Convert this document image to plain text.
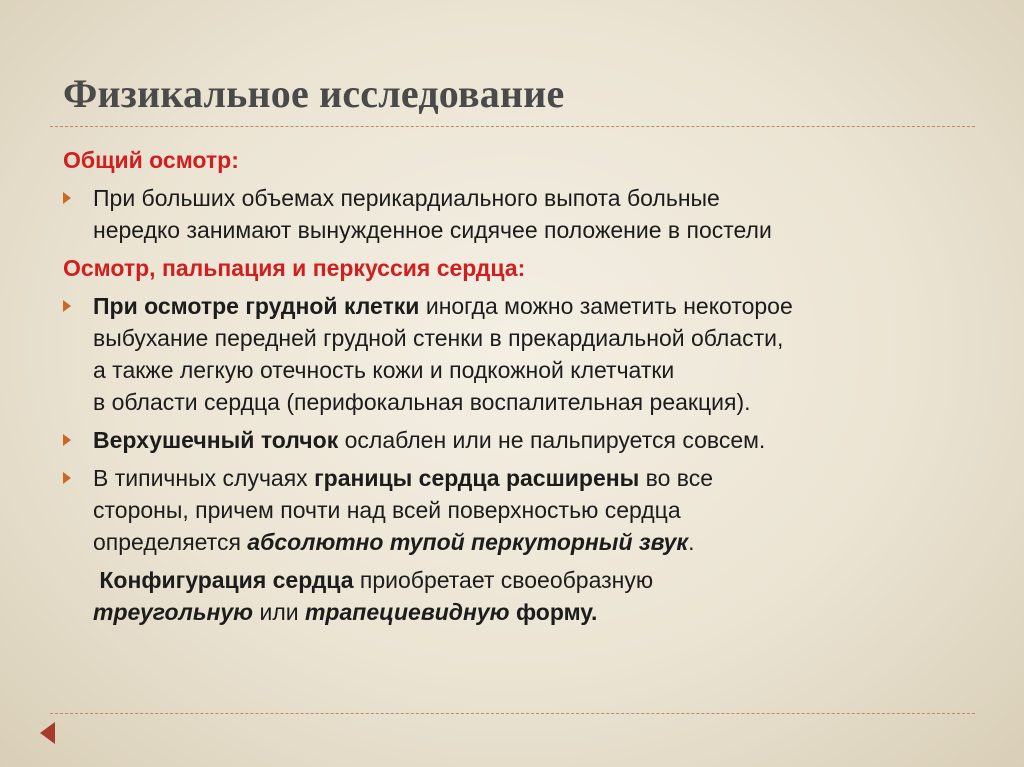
Физикальное исследование
Общий осмотр:
При больших объемах перикардиального выпота больные
нередко занимают вынужденное сидячее положение в постели
Осмотр, пальпация и перкуссия сердца:
При осмотре грудной клетки иногда можно заметить некоторое
выбухание передней грудной стенки в прекардиальной области,
а также легкую отечность кожи и подкожной клетчатки
в области сердца (перифокальная воспалительная реакция).
Верхушечный толчок ослаблен или не пальпируется совсем.
В типичных случаях границы сердца расширены во все
стороны, причем почти над всей поверхностью сердца
определяется абсолютно тупой перкуторный звук.
Конфигурация сердца приобретает своеобразную
треугольную или трапециевидную форму.
